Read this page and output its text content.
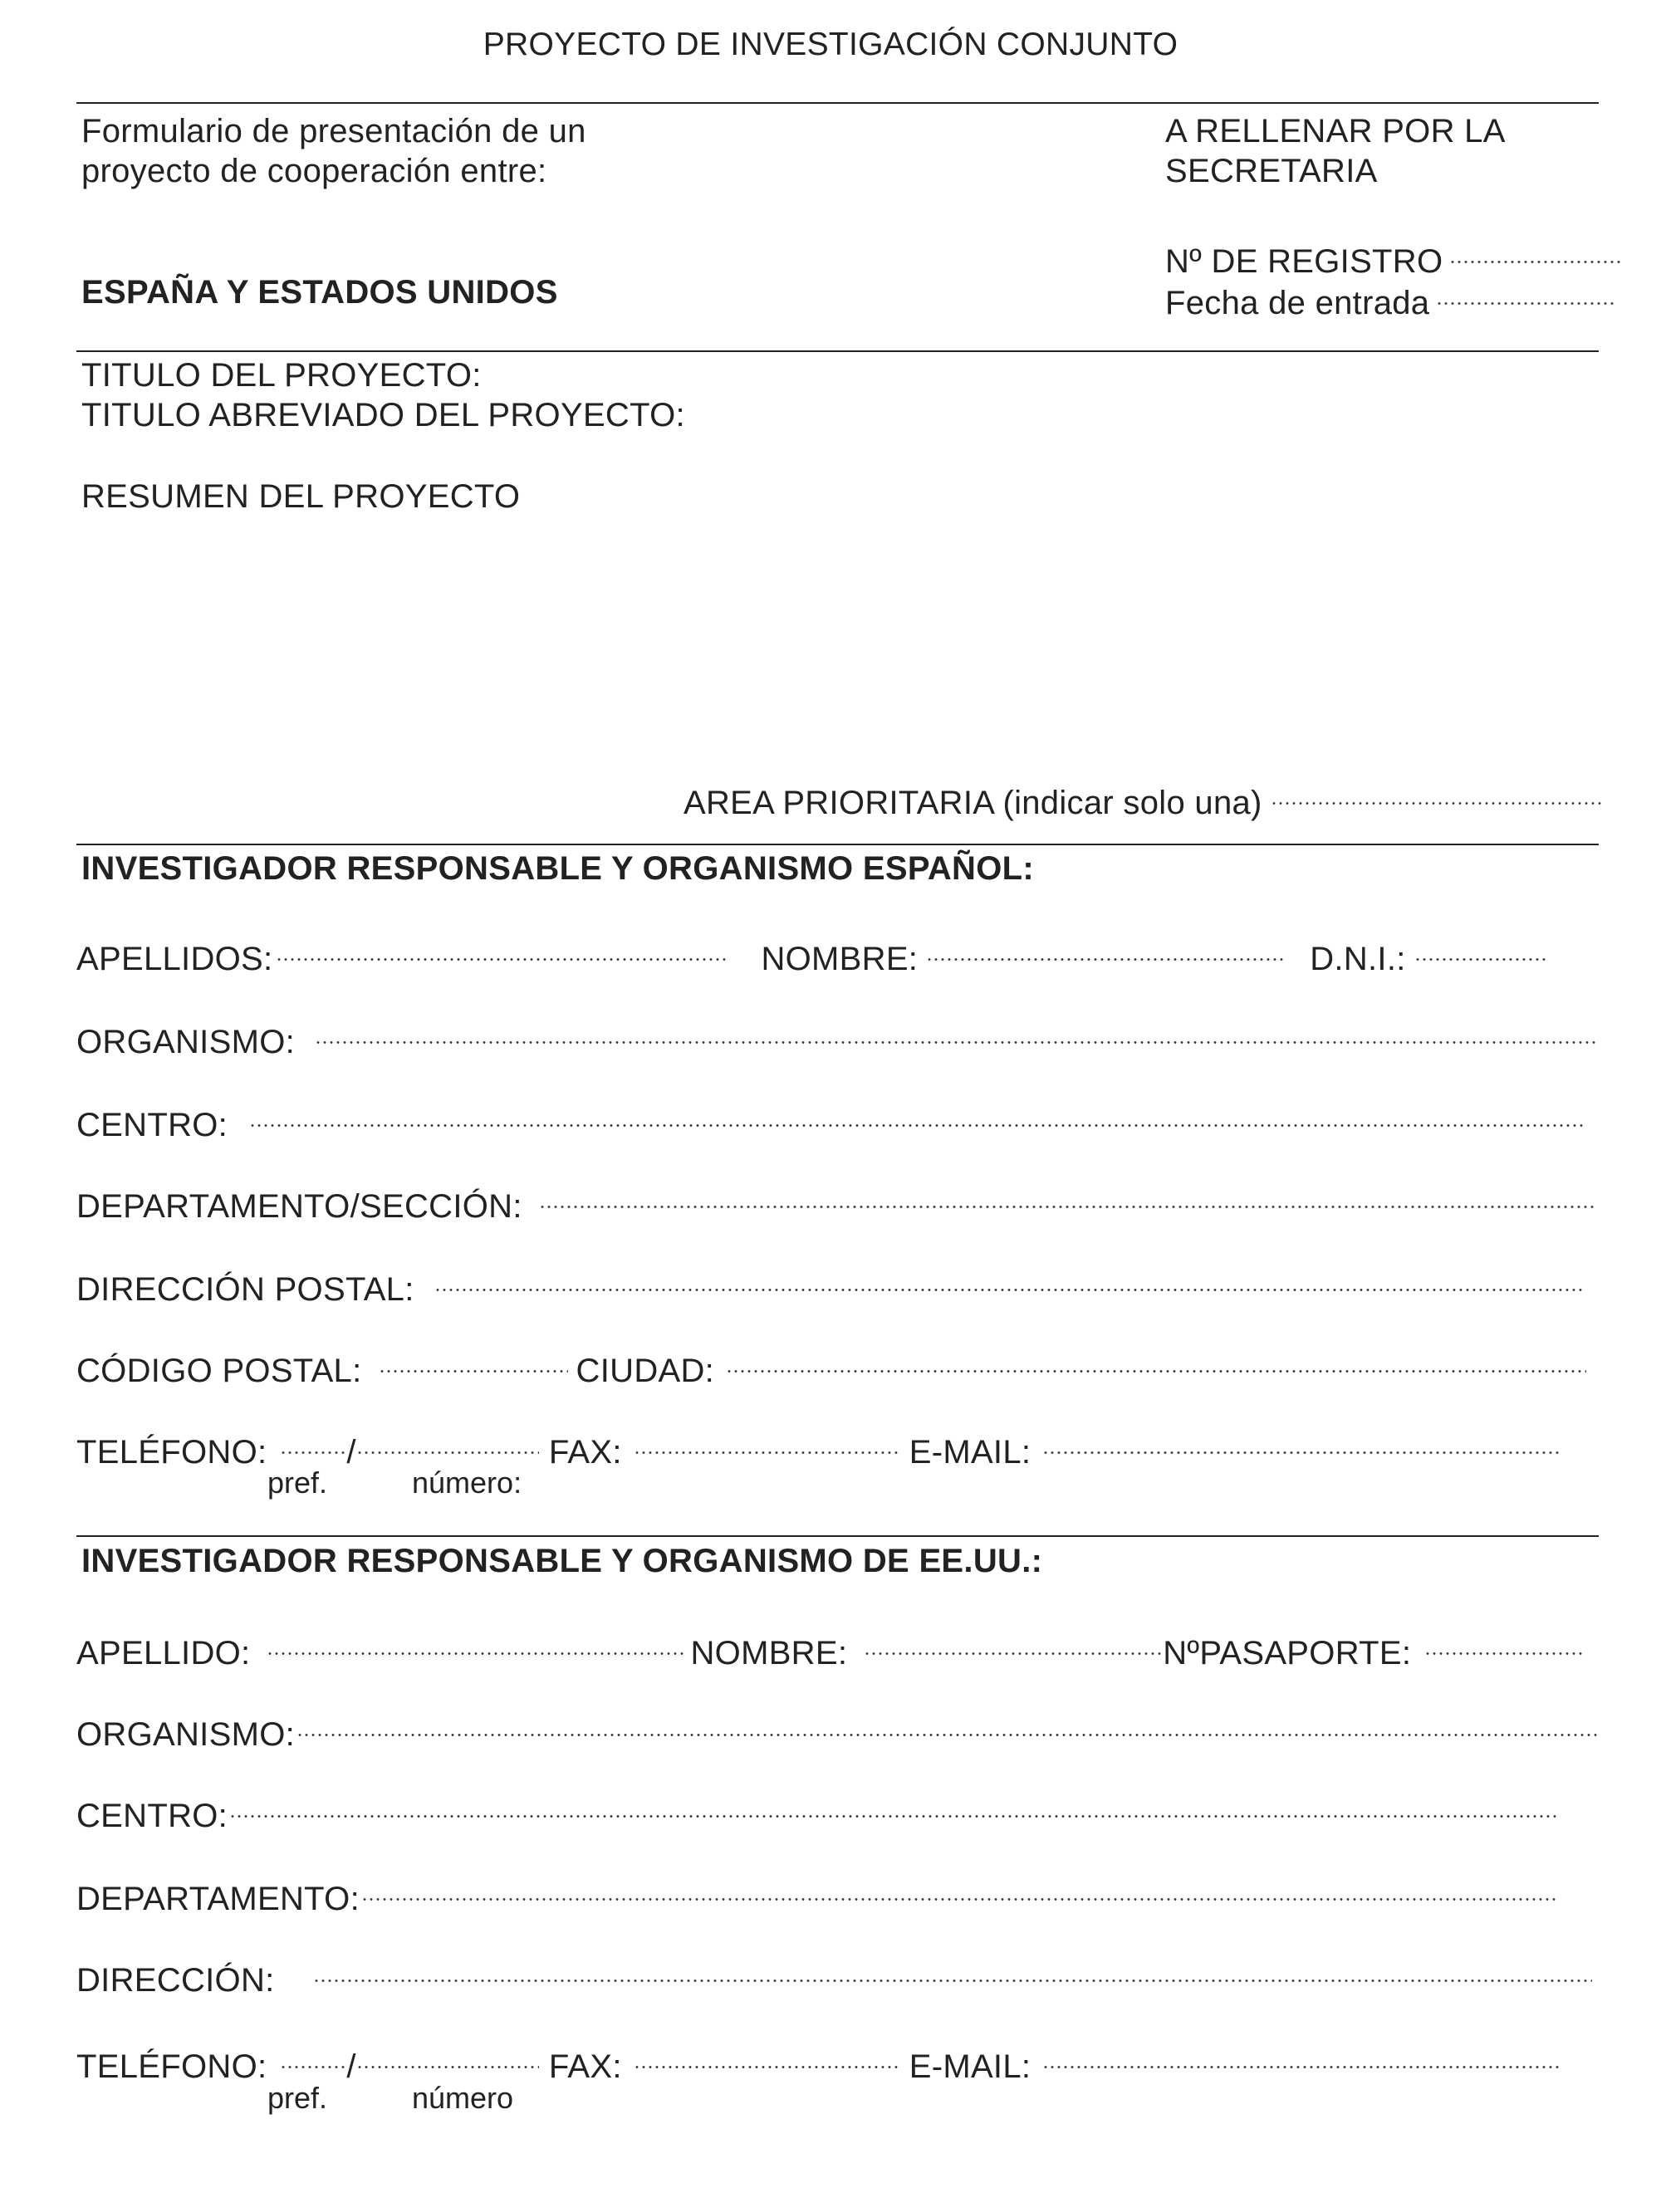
PROYECTO DE INVESTIGACIÓN CONJUNTO
Formulario de presentación de un
proyecto de cooperación entre:
ESPAÑA Y ESTADOS UNIDOS
A RELLENAR POR LA
SECRETARIA
Nº DE REGISTRO
Fecha de entrada
TITULO DEL PROYECTO:
TITULO ABREVIADO DEL PROYECTO:
RESUMEN DEL PROYECTO
AREA PRIORITARIA (indicar solo una)
INVESTIGADOR RESPONSABLE Y ORGANISMO ESPAÑOL:
APELLIDOS:	NOMBRE:	D.N.I.:
ORGANISMO:
CENTRO:
DEPARTAMENTO/SECCIÓN:
DIRECCIÓN POSTAL:
CÓDIGO POSTAL:	CIUDAD:
TELÉFONO: /	FAX:	E-MAIL:
pref.	número:
INVESTIGADOR RESPONSABLE Y ORGANISMO DE EE.UU.:
APELLIDO:	NOMBRE:	NºPASAPORTE:
ORGANISMO:
CENTRO:
DEPARTAMENTO:
DIRECCIÓN:
TELÉFONO: /	FAX:	E-MAIL:
pref.	número
